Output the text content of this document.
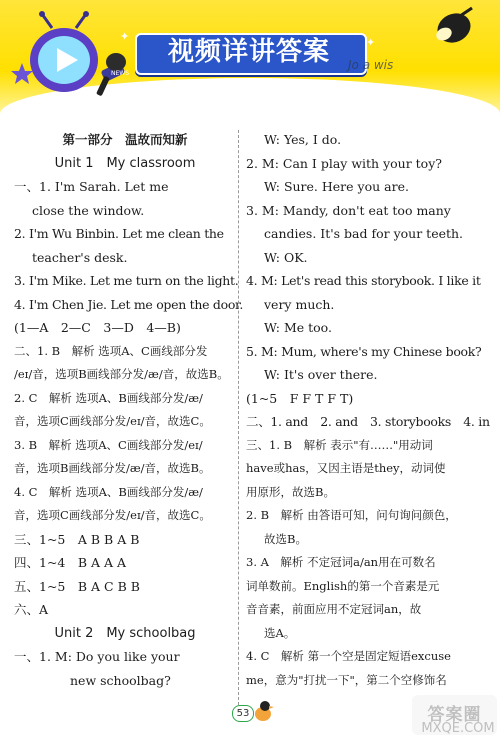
NEWS
视频详讲答案
✦	✦
Jo a wis
第一部分　温故而知新
Unit 1　My classroom
一、1. I'm Sarah. Let me
close the window.
2. I'm Wu Binbin. Let me clean the
teacher's desk.
3. I'm Mike. Let me turn on the light.
4. I'm Chen Jie. Let me open the door.
(1—A　2—C　3—D　4—B)
二、1. B　解析 选项A、C画线部分发
/eɪ/音，选项B画线部分发/æ/音，故选B。
2. C　解析 选项A、B画线部分发/æ/
音，选项C画线部分发/eɪ/音，故选C。
3. B　解析 选项A、C画线部分发/eɪ/
音，选项B画线部分发/æ/音，故选B。
4. C　解析 选项A、B画线部分发/æ/
音，选项C画线部分发/eɪ/音，故选C。
三、1~5　A B B A B
四、1~4　B A A A
五、1~5　B A C B B
六、A
Unit 2　My schoolbag
一、1. M: Do you like your
new schoolbag?
W: Yes, I do.
2. M: Can I play with your toy?
W: Sure. Here you are.
3. M: Mandy, don't eat too many
candies. It's bad for your teeth.
W: OK.
4. M: Let's read this storybook. I like it
very much.
W: Me too.
5. M: Mum, where's my Chinese book?
W: It's over there.
(1~5　F F T F T)
二、1. and　2. and　3. storybooks　4. in
三、1. B　解析 表示"有……"用动词
have或has，又因主语是they，动词使
用原形，故选B。
2. B　解析 由答语可知，问句询问颜色，
故选B。
3. A　解析 不定冠词a/an用在可数名
词单数前。English的第一个音素是元
音音素，前面应用不定冠词an，故
选A。
4. C　解析 第一个空是固定短语excuse
me，意为"打扰一下"，第二个空修饰名
53	答案圈
MXQE.COM
